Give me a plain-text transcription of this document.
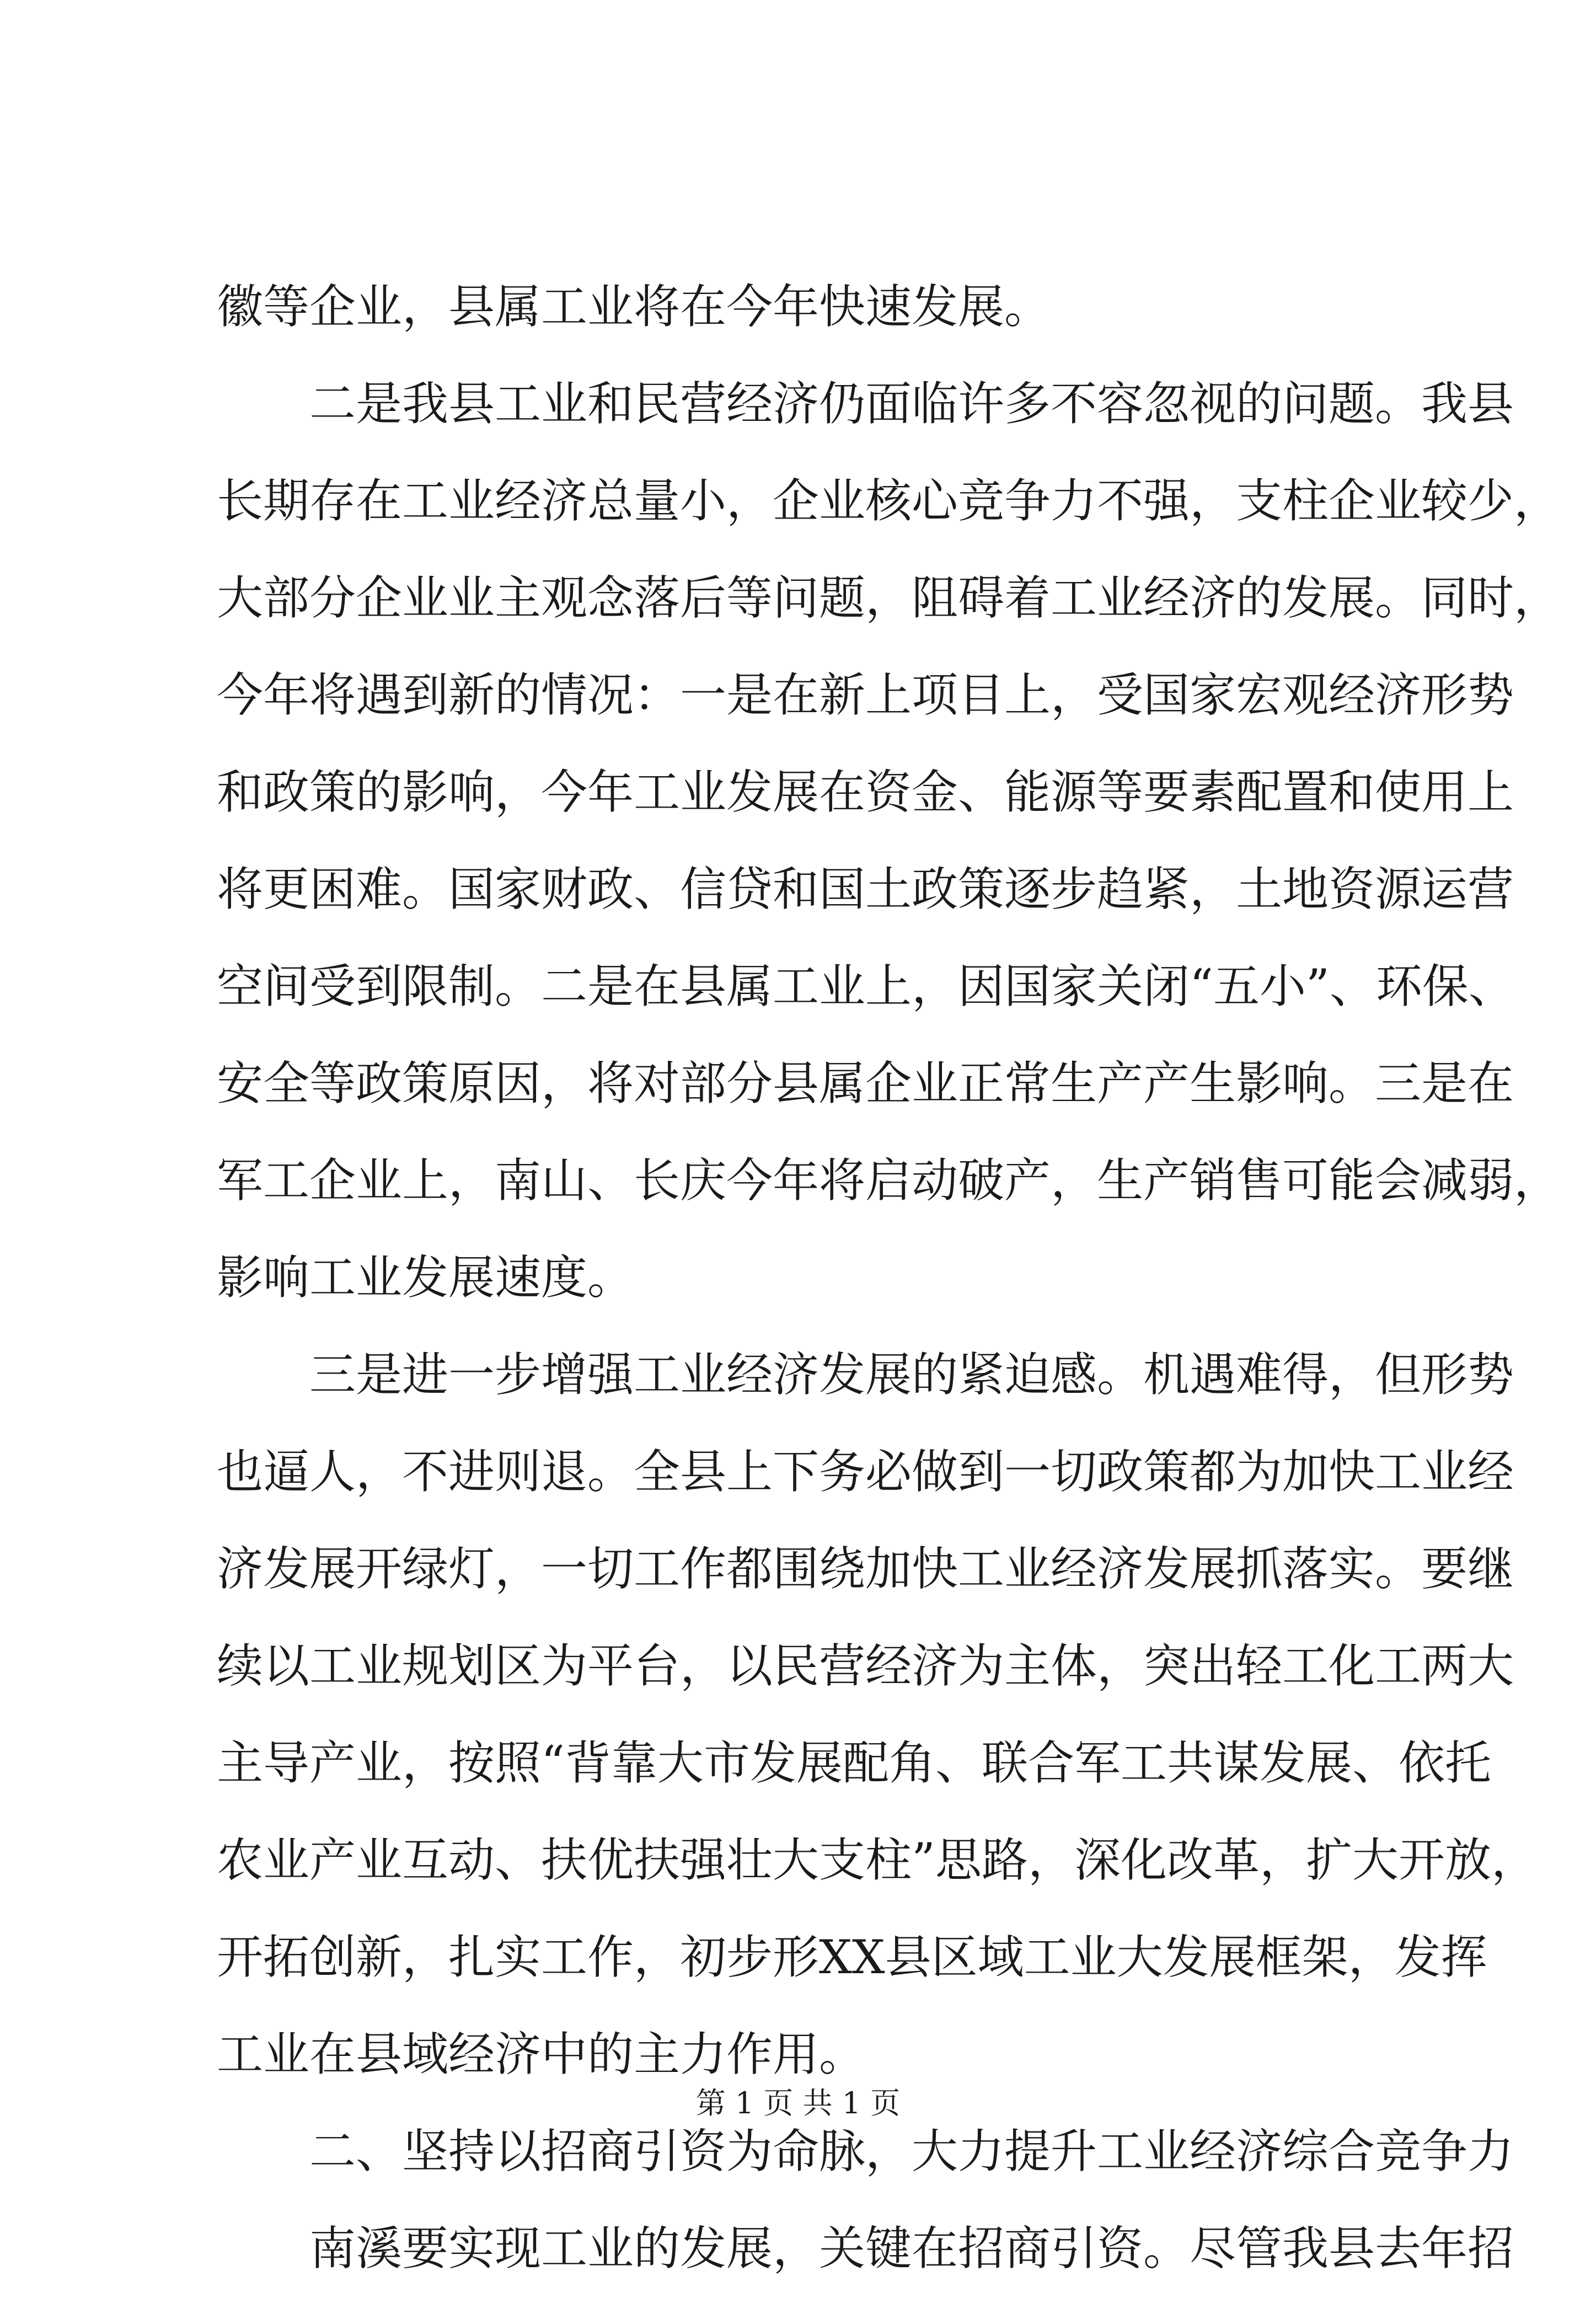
徽等企业，县属工业将在今年快速发展。
二是我县工业和民营经济仍面临许多不容忽视的问题。我县
长期存在工业经济总量小，企业核心竞争力不强，支柱企业较少，
大部分企业业主观念落后等问题，阻碍着工业经济的发展。同时，
今年将遇到新的情况：一是在新上项目上，受国家宏观经济形势
和政策的影响，今年工业发展在资金、能源等要素配置和使用上
将更困难。国家财政、信贷和国土政策逐步趋紧，土地资源运营
空间受到限制。二是在县属工业上，因国家关闭“五小”、环保、
安全等政策原因，将对部分县属企业正常生产产生影响。三是在
军工企业上，南山、长庆今年将启动破产，生产销售可能会减弱，
影响工业发展速度。
三是进一步增强工业经济发展的紧迫感。机遇难得，但形势
也逼人，不进则退。全县上下务必做到一切政策都为加快工业经
济发展开绿灯，一切工作都围绕加快工业经济发展抓落实。要继
续以工业规划区为平台，以民营经济为主体，突出轻工化工两大
主导产业，按照“背靠大市发展配角、联合军工共谋发展、依托
农业产业互动、扶优扶强壮大支柱”思路，深化改革，扩大开放，
开拓创新，扎实工作，初步形XX县区域工业大发展框架，发挥
工业在县域经济中的主力作用。
二、坚持以招商引资为命脉，大力提升工业经济综合竞争力
南溪要实现工业的发展，关键在招商引资。尽管我县去年招
第 1 页 共 1 页
